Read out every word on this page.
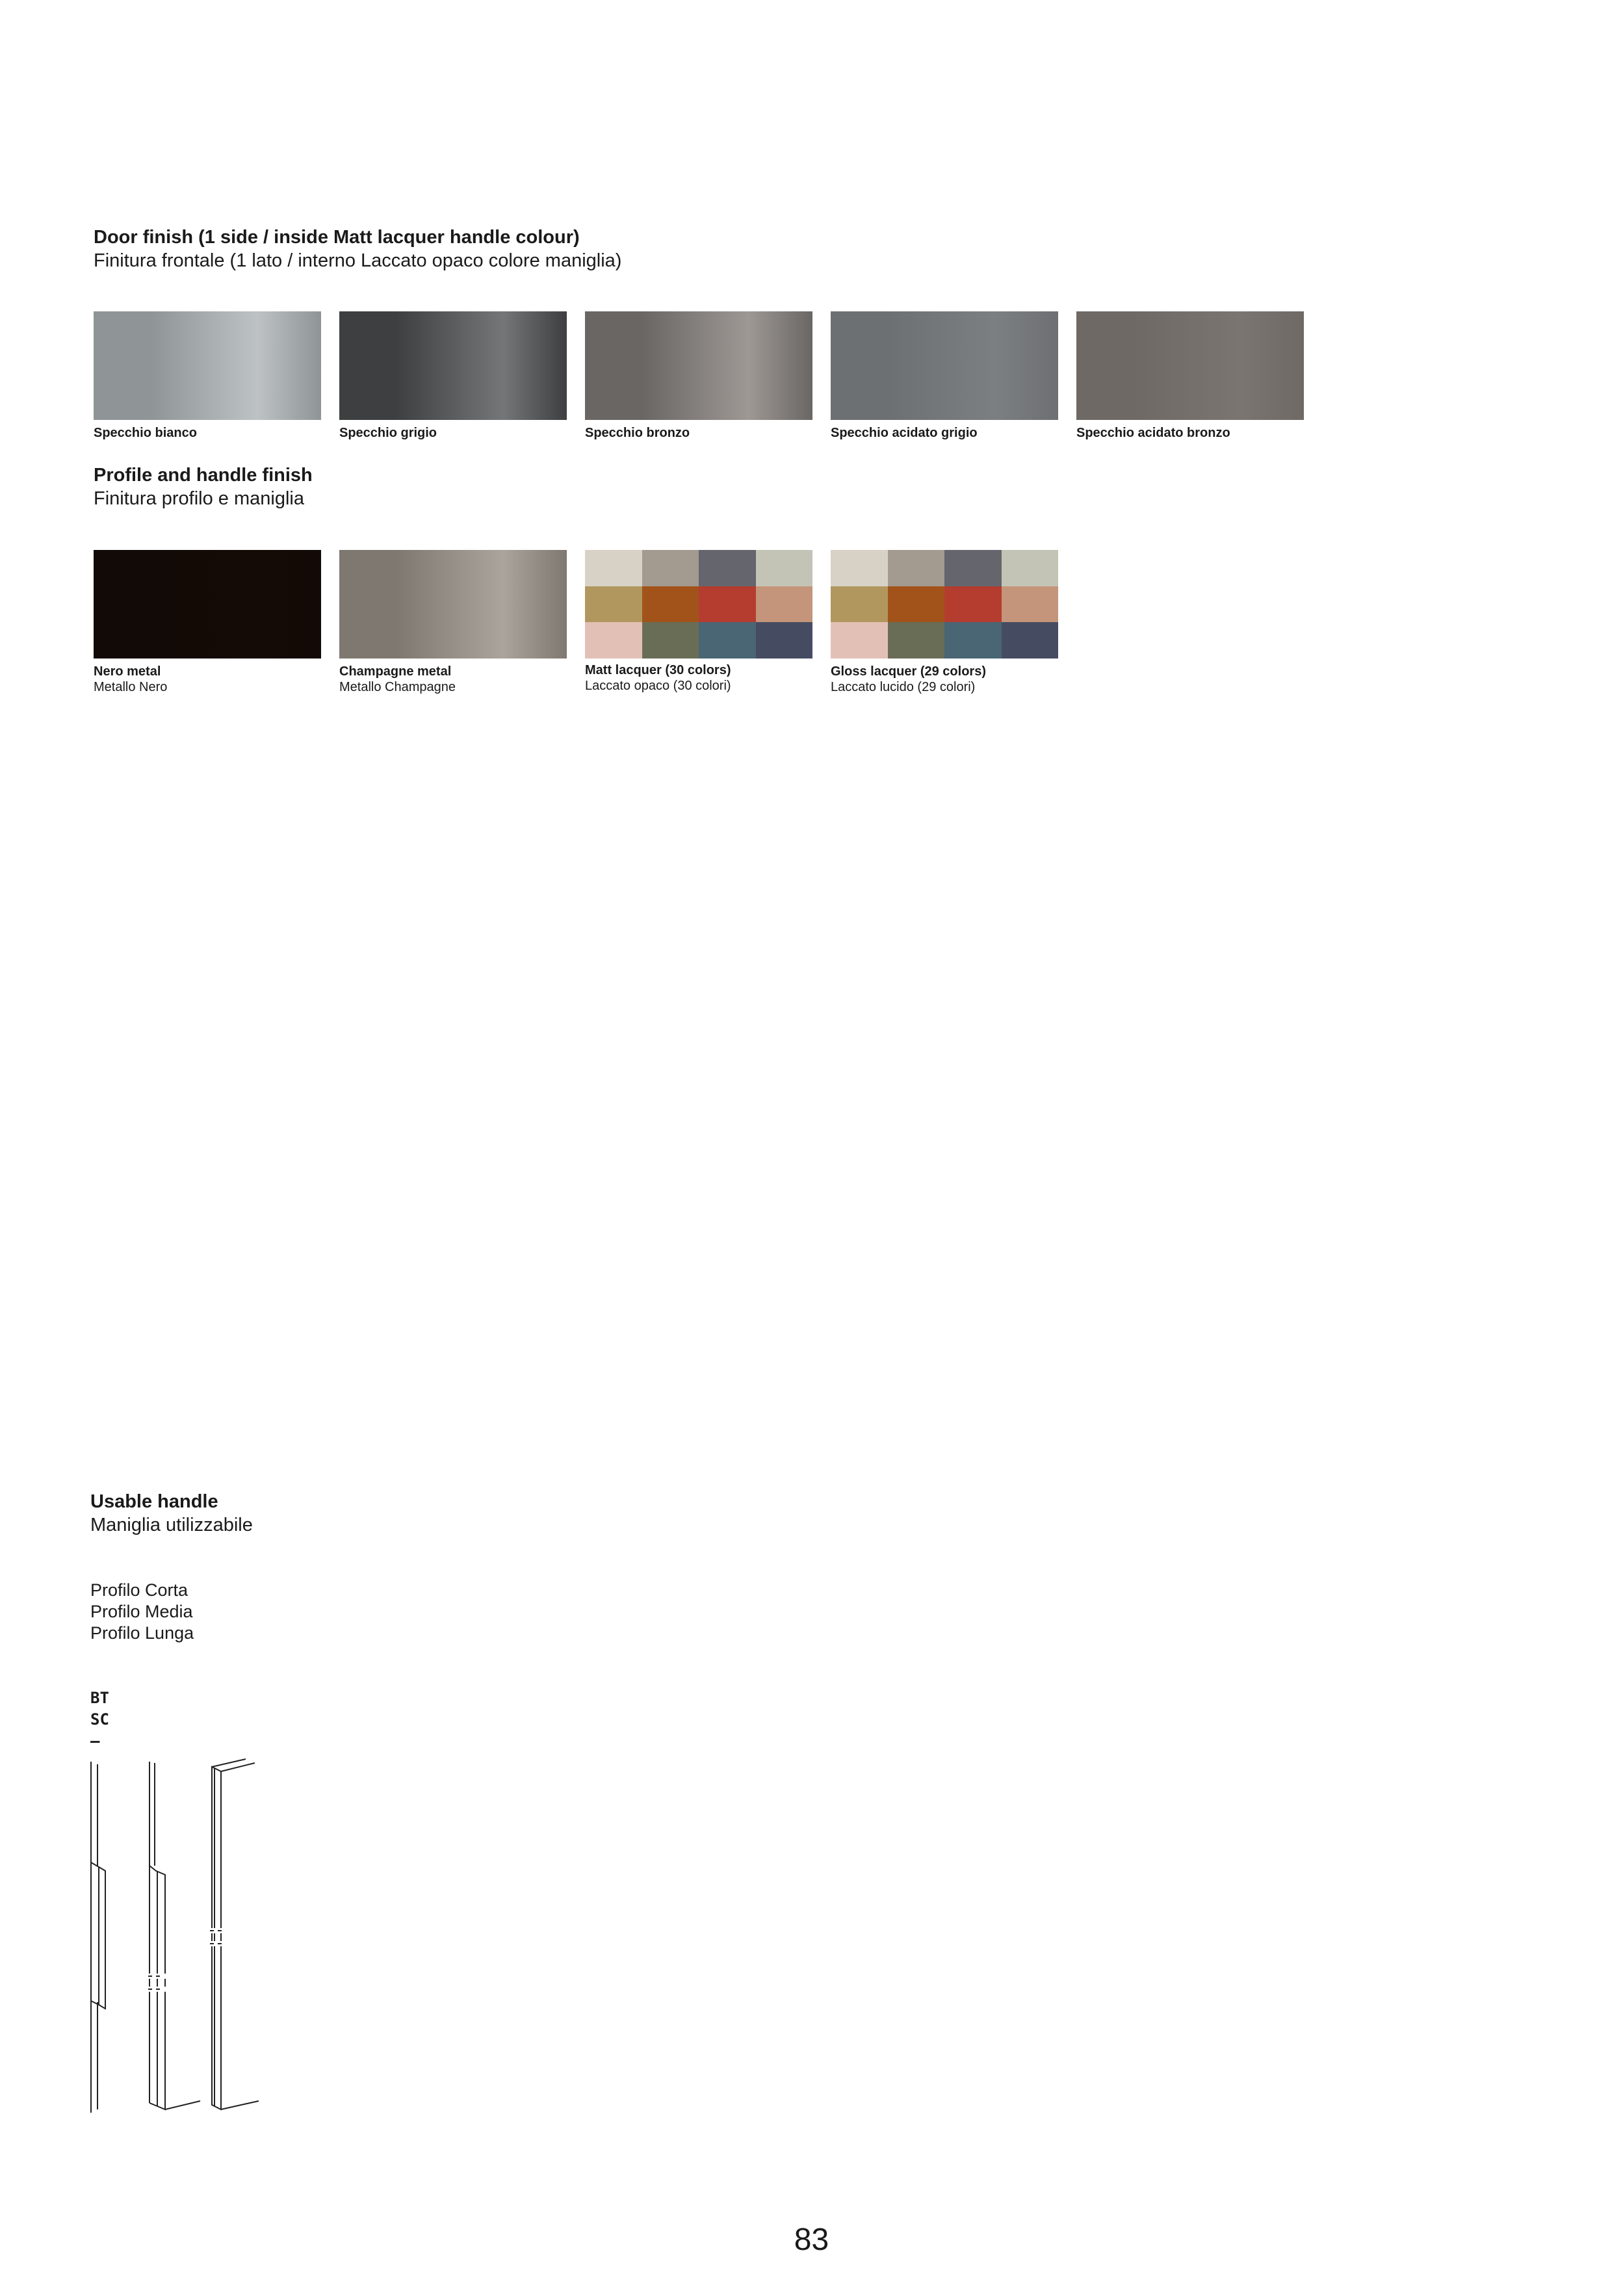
Door finish (1 side / inside Matt lacquer handle colour)
Finitura frontale (1 lato / interno Laccato opaco colore maniglia)
Specchio bianco	Specchio grigio	Specchio bronzo	Specchio acidato grigio	Specchio acidato bronzo
Profile and handle finish
Finitura profilo e maniglia
Nero metal
Metallo Nero
Champagne metal
Metallo Champagne
Matt lacquer (30 colors)
Laccato opaco (30 colori)
Gloss lacquer (29 colors)
Laccato lucido (29 colori)
Usable handle
Maniglia utilizzabile
Profilo Corta
Profilo Media
Profilo Lunga
BT
SC
–
83
